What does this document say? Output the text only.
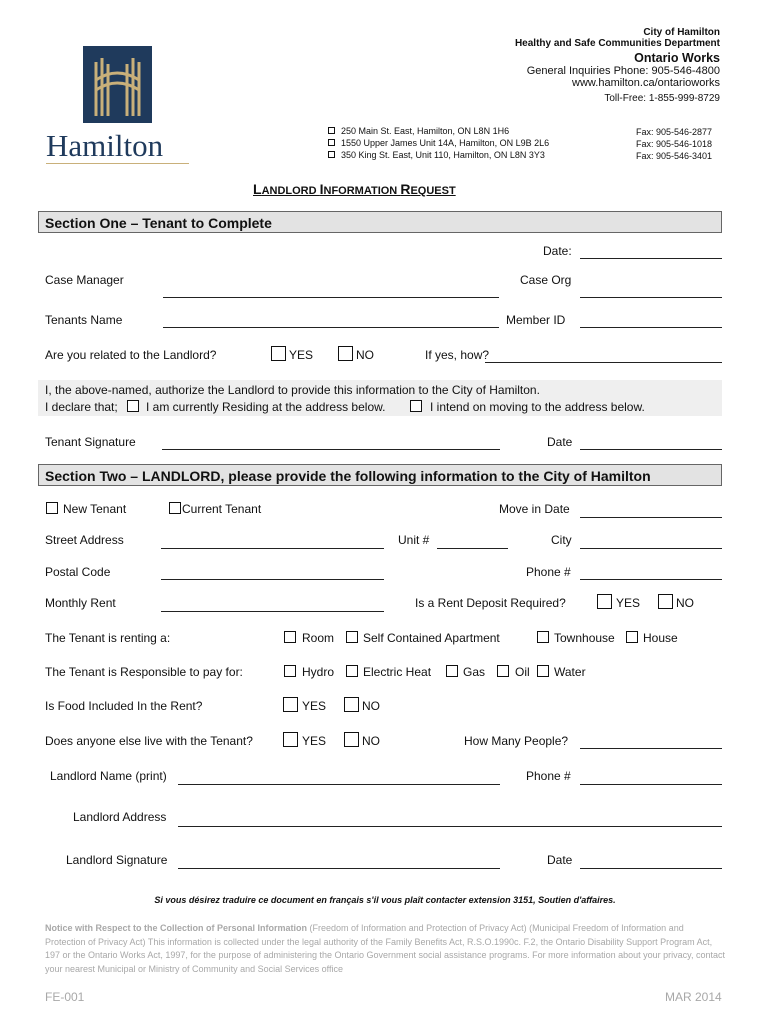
Hamilton
City of Hamilton
Healthy and Safe Communities Department
Ontario Works
General Inquiries Phone: 905-546-4800
www.hamilton.ca/ontarioworks
Toll-Free: 1-855-999-8729
250 Main St. East, Hamilton, ON L8N 1H6
1550 Upper James Unit 14A, Hamilton, ON L9B 2L6
350 King St. East, Unit 110, Hamilton, ON L8N 3Y3
Fax: 905-546-2877
Fax: 905-546-1018
Fax: 905-546-3401
LANDLORD INFORMATION REQUEST
Section One – Tenant to Complete
Date:
Case Manager	Case Org
Tenants Name	Member ID
Are you related to the Landlord?	YES	NO	If yes, how?
I, the above-named, authorize the Landlord to provide this information to the City of Hamilton.
I declare that; I am currently Residing at the address below.	I intend on moving to the address below.
Tenant Signature	Date
Section Two – LANDLORD, please provide the following information to the City of Hamilton
New Tenant	Current Tenant	Move in Date
Street Address	Unit #	City
Postal Code	Phone #
Monthly Rent	Is a Rent Deposit Required?	YES	NO
The Tenant is renting a:	Room Self Contained Apartment	Townhouse House
The Tenant is Responsible to pay for:	Hydro Electric Heat	Gas Oil Water
Is Food Included In the Rent?	YES	NO
Does anyone else live with the Tenant?	YES	NO	How Many People?
Landlord Name (print)	Phone #
Landlord Address
Landlord Signature	Date
Si vous désirez traduire ce document en français s'il vous plaît contacter extension 3151, Soutien d'affaires.
Notice with Respect to the Collection of Personal Information (Freedom of Information and Protection of Privacy Act) (Municipal Freedom of Information and Protection of Privacy Act) This information is collected under the legal authority of the Family Benefits Act, R.S.O.1990c. F.2, the Ontario Disability Support Program Act, 197 or the Ontario Works Act, 1997, for the purpose of administering the Ontario Government social assistance programs. For more information about your privacy, contact your nearest Municipal or Ministry of Community and Social Services office
FE-001	MAR 2014
